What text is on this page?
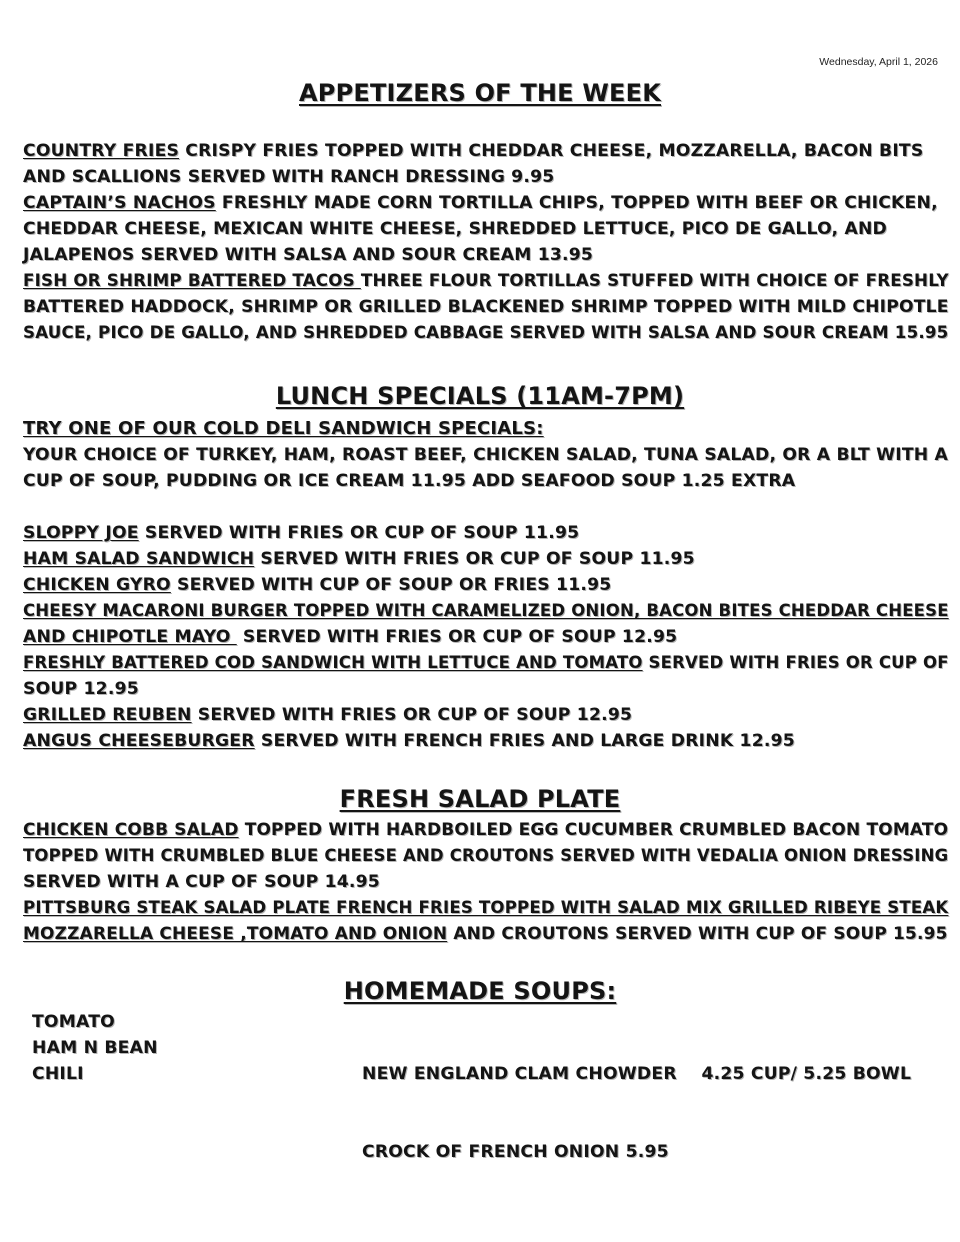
Wednesday, April 1, 2026
APPETIZERS OF THE WEEK
COUNTRY FRIES CRISPY FRIES TOPPED WITH CHEDDAR CHEESE, MOZZARELLA, BACON BITS
AND SCALLIONS SERVED WITH RANCH DRESSING 9.95
CAPTAIN’S NACHOS FRESHLY MADE CORN TORTILLA CHIPS, TOPPED WITH BEEF OR CHICKEN,
CHEDDAR CHEESE, MEXICAN WHITE CHEESE, SHREDDED LETTUCE, PICO DE GALLO, AND
JALAPENOS SERVED WITH SALSA AND SOUR CREAM 13.95
FISH OR SHRIMP BATTERED TACOS THREE FLOUR TORTILLAS STUFFED WITH CHOICE OF FRESHLY
BATTERED HADDOCK, SHRIMP OR GRILLED BLACKENED SHRIMP TOPPED WITH MILD CHIPOTLE
SAUCE, PICO DE GALLO, AND SHREDDED CABBAGE SERVED WITH SALSA AND SOUR CREAM 15.95
LUNCH SPECIALS (11AM-7PM)
TRY ONE OF OUR COLD DELI SANDWICH SPECIALS:
YOUR CHOICE OF TURKEY, HAM, ROAST BEEF, CHICKEN SALAD, TUNA SALAD, OR A BLT WITH A
CUP OF SOUP, PUDDING OR ICE CREAM 11.95 ADD SEAFOOD SOUP 1.25 EXTRA
SLOPPY JOE SERVED WITH FRIES OR CUP OF SOUP 11.95
HAM SALAD SANDWICH SERVED WITH FRIES OR CUP OF SOUP 11.95
CHICKEN GYRO SERVED WITH CUP OF SOUP OR FRIES 11.95
CHEESY MACARONI BURGER TOPPED WITH CARAMELIZED ONION, BACON BITES CHEDDAR CHEESE
AND CHIPOTLE MAYO  SERVED WITH FRIES OR CUP OF SOUP 12.95
FRESHLY BATTERED COD SANDWICH WITH LETTUCE AND TOMATO SERVED WITH FRIES OR CUP OF
SOUP 12.95
GRILLED REUBEN SERVED WITH FRIES OR CUP OF SOUP 12.95
ANGUS CHEESEBURGER SERVED WITH FRENCH FRIES AND LARGE DRINK 12.95
FRESH SALAD PLATE
CHICKEN COBB SALAD TOPPED WITH HARDBOILED EGG CUCUMBER CRUMBLED BACON TOMATO
TOPPED WITH CRUMBLED BLUE CHEESE AND CROUTONS SERVED WITH VEDALIA ONION DRESSING
SERVED WITH A CUP OF SOUP 14.95
PITTSBURG STEAK SALAD PLATE FRENCH FRIES TOPPED WITH SALAD MIX GRILLED RIBEYE STEAK
MOZZARELLA CHEESE ,TOMATO AND ONION AND CROUTONS SERVED WITH CUP OF SOUP 15.95
HOMEMADE SOUPS:
TOMATO
HAM N BEAN
CHILI

	NEW ENGLAND CLAM CHOWDER    4.25 CUP/ 5.25 BOWL

CROCK OF FRENCH ONION 5.95
